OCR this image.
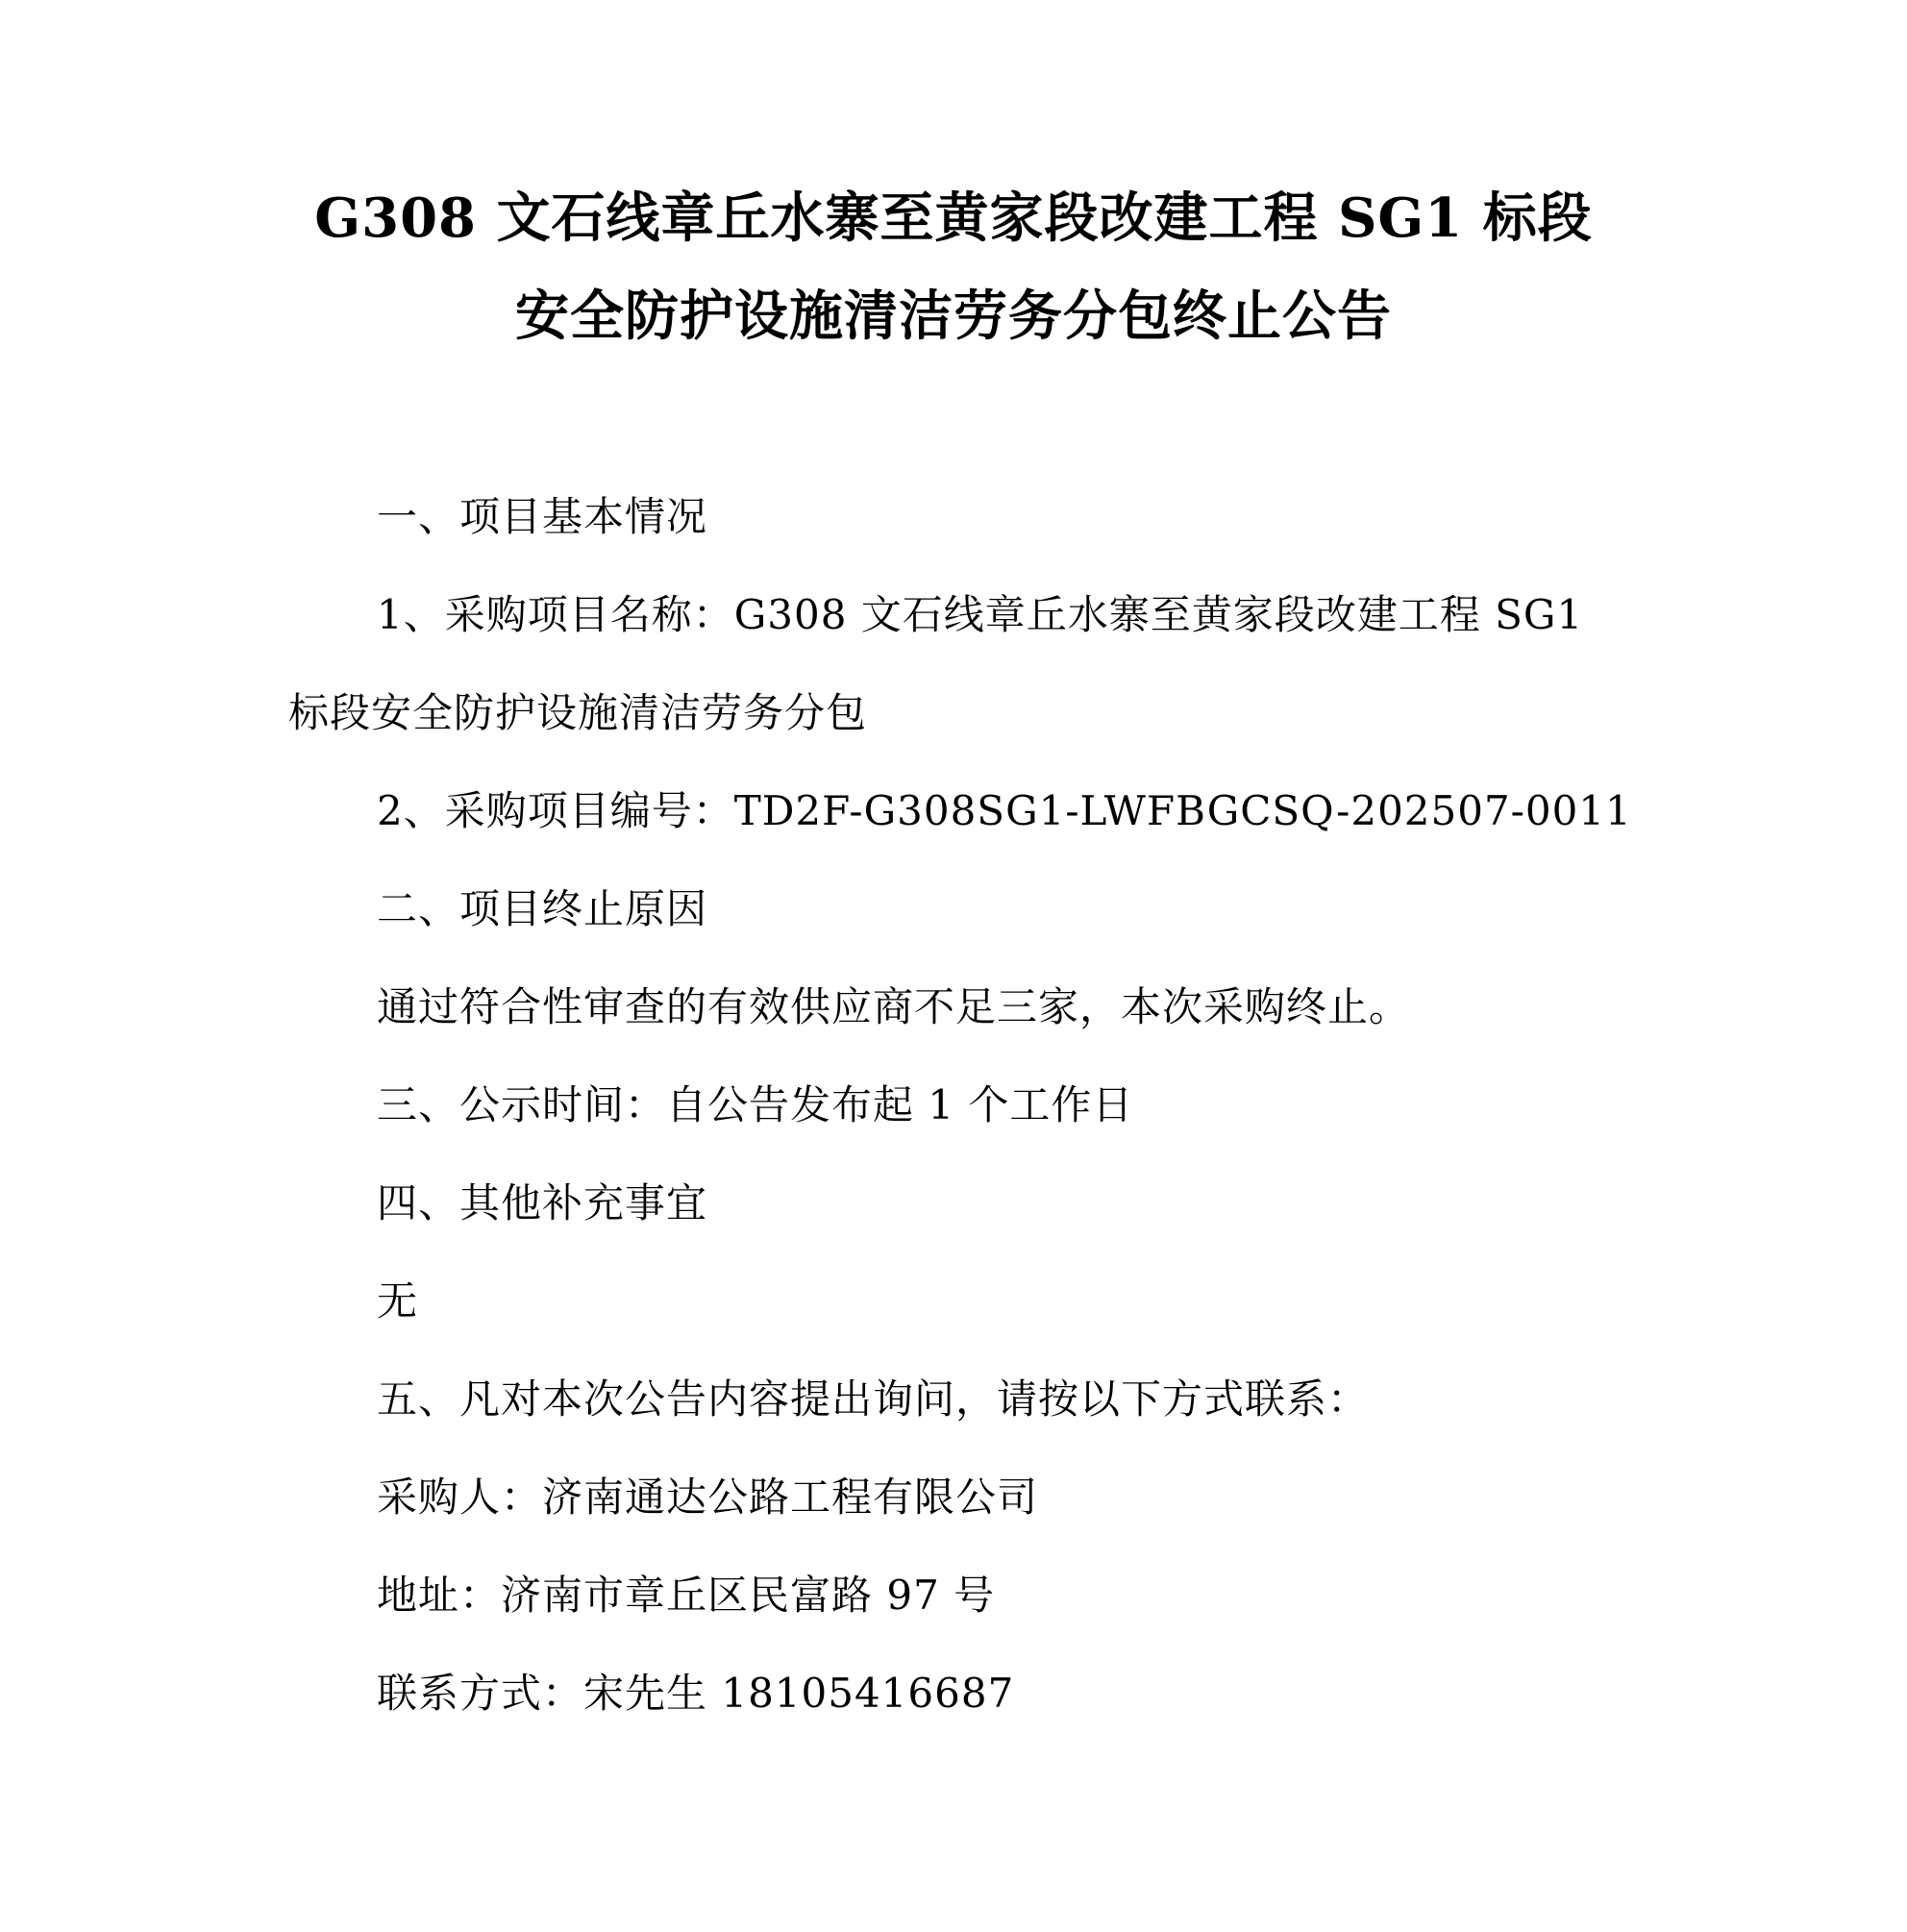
G308 文石线章丘水寨至黄家段改建工程 SG1 标段
安全防护设施清洁劳务分包终止公告
一、项目基本情况
1、采购项目名称：G308 文石线章丘水寨至黄家段改建工程 SG1
标段安全防护设施清洁劳务分包
2、采购项目编号：TD2F-G308SG1-LWFBGCSQ-202507-0011
二、项目终止原因
通过符合性审查的有效供应商不足三家，本次采购终止。
三、公示时间：自公告发布起 1 个工作日
四、其他补充事宜
无
五、凡对本次公告内容提出询问，请按以下方式联系：
采购人：济南通达公路工程有限公司
地址：济南市章丘区民富路 97 号
联系方式：宋先生 18105416687
